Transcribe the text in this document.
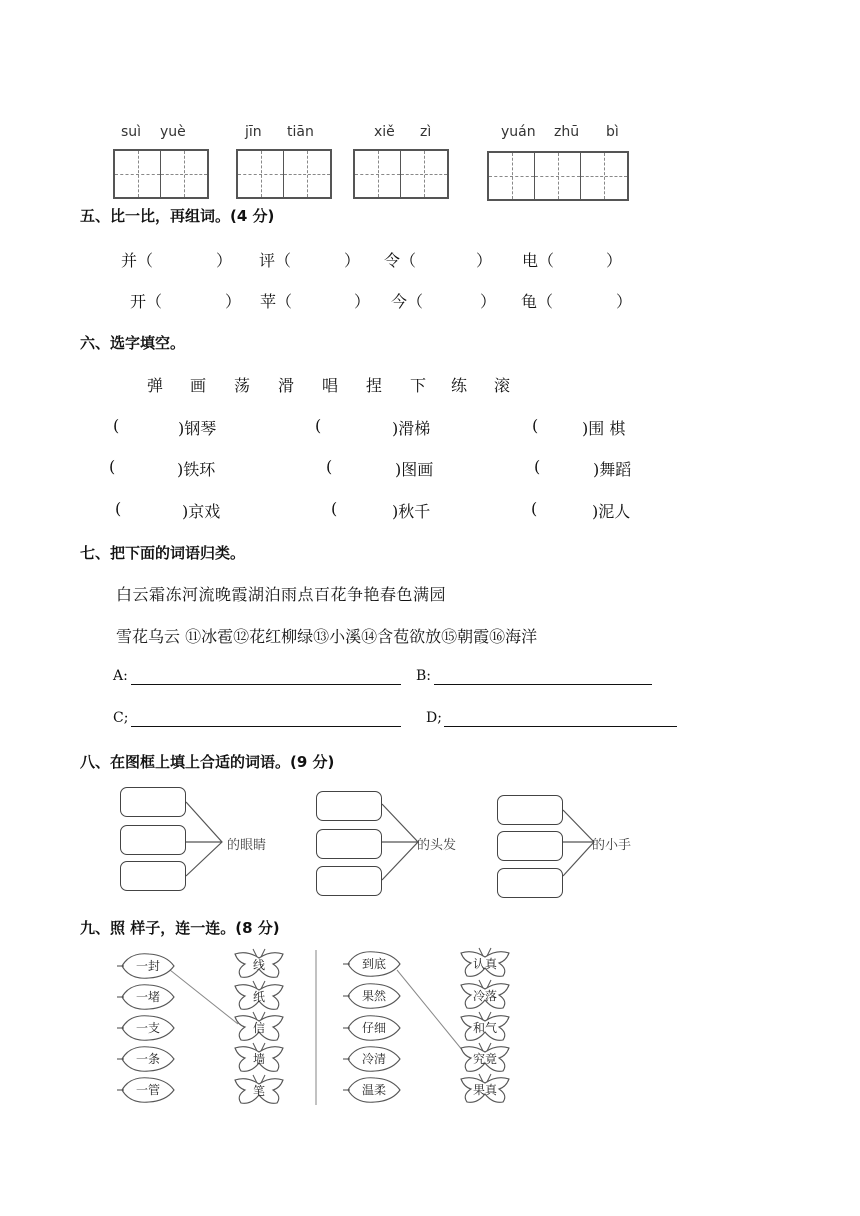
suì yuè	jīn tiān	xiě zì	yuán zhū bì
五、比一比，再组词。(4 分)
并（	） 评（	） 令（	） 电（	）
开（	） 苹（	） 今（	） 龟（	）
六、选字填空。
弹 画 荡 滑 唱 捏 下 练 滚
(	)钢琴	(	)滑梯	(	)围 棋
(	)铁环	(	)图画	(	)舞蹈
(	)京戏	(	)秋千	(	)泥人
七、把下面的词语归类。
白云霜冻河流晚霞湖泊雨点百花争艳春色满园
雪花乌云 ⑪冰雹⑫花红柳绿⑬小溪⑭含苞欲放⑮朝霞⑯海洋
A:	B:
C;	D;
八、在图框上填上合适的词语。(9 分)
的眼睛	的头发	的小手
九、照 样子，连一连。(8 分)
一封
一堵
一支
一条
一管
线
纸
信
墙
笔
到底
果然
仔细
冷清
温柔
认真
冷落
和气
究竟
果真
